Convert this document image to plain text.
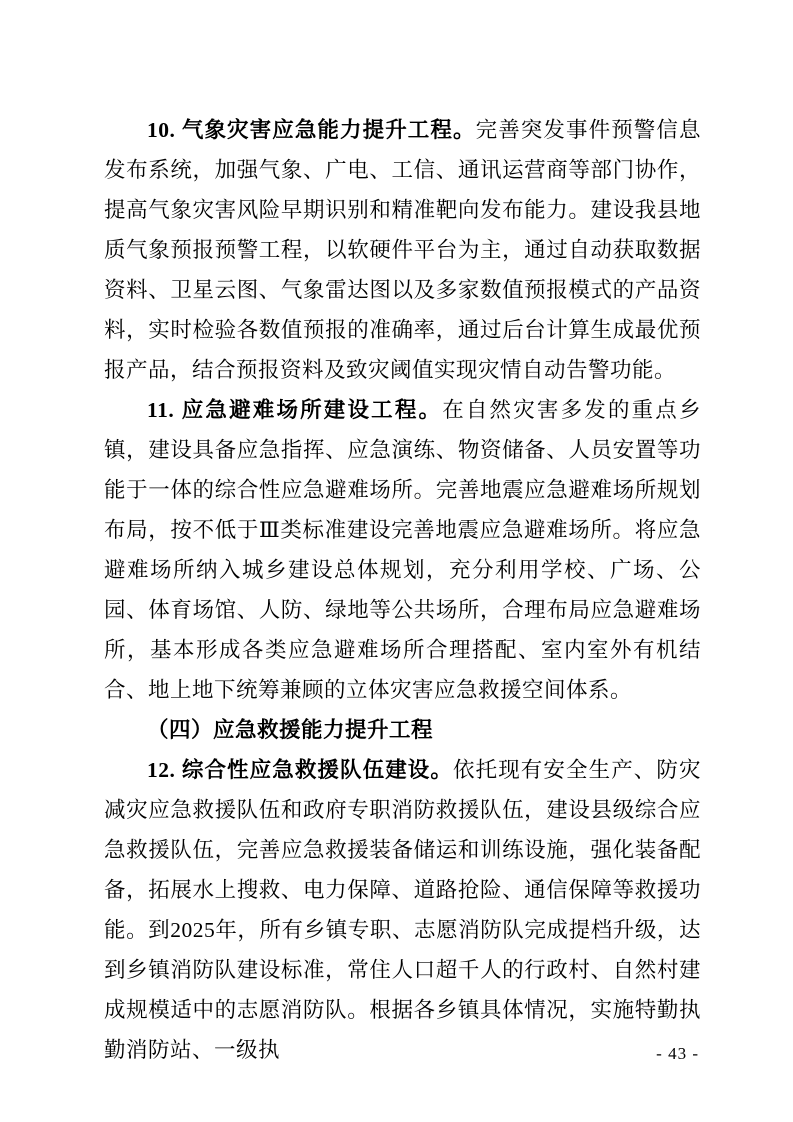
10. 气象灾害应急能力提升工程。完善突发事件预警信息发布系统，加强气象、广电、工信、通讯运营商等部门协作，提高气象灾害风险早期识别和精准靶向发布能力。建设我县地质气象预报预警工程，以软硬件平台为主，通过自动获取数据资料、卫星云图、气象雷达图以及多家数值预报模式的产品资料，实时检验各数值预报的准确率，通过后台计算生成最优预报产品，结合预报资料及致灾阈值实现灾情自动告警功能。

11. 应急避难场所建设工程。在自然灾害多发的重点乡镇，建设具备应急指挥、应急演练、物资储备、人员安置等功能于一体的综合性应急避难场所。完善地震应急避难场所规划布局，按不低于Ⅲ类标准建设完善地震应急避难场所。将应急避难场所纳入城乡建设总体规划，充分利用学校、广场、公园、体育场馆、人防、绿地等公共场所，合理布局应急避难场所，基本形成各类应急避难场所合理搭配、室内室外有机结合、地上地下统筹兼顾的立体灾害应急救援空间体系。

（四）应急救援能力提升工程

12. 综合性应急救援队伍建设。依托现有安全生产、防灾减灾应急救援队伍和政府专职消防救援队伍，建设县级综合应急救援队伍，完善应急救援装备储运和训练设施，强化装备配备，拓展水上搜救、电力保障、道路抢险、通信保障等救援功能。到2025年，所有乡镇专职、志愿消防队完成提档升级，达到乡镇消防队建设标准，常住人口超千人的行政村、自然村建成规模适中的志愿消防队。根据各乡镇具体情况，实施特勤执勤消防站、一级执	- 43 -
